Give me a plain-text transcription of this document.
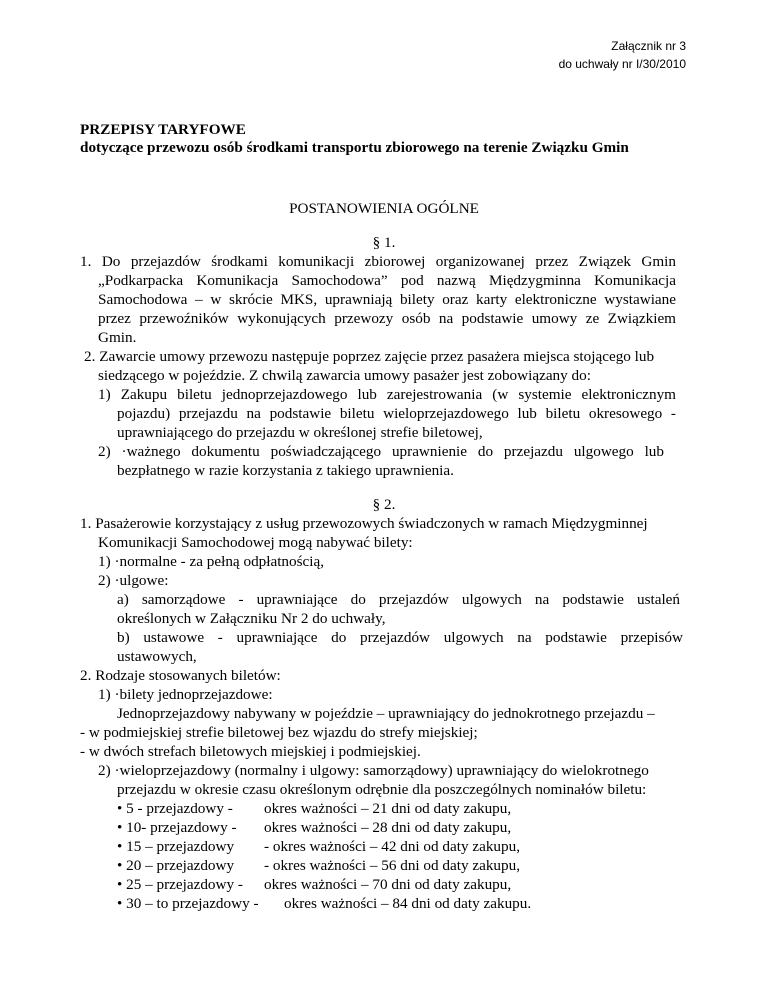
Załącznik nr 3
do uchwały nr I/30/2010
PRZEPISY TARYFOWE
dotyczące przewozu osób środkami transportu zbiorowego na terenie Związku Gmin
POSTANOWIENIA OGÓLNE
§ 1.
1. Do przejazdów środkami komunikacji zbiorowej organizowanej przez Związek Gmin
„Podkarpacka Komunikacja Samochodowa” pod nazwą Międzygminna Komunikacja
Samochodowa – w skrócie MKS, uprawniają bilety oraz karty elektroniczne wystawiane
przez przewoźników wykonujących przewozy osób na podstawie umowy ze Związkiem
Gmin.
2. Zawarcie umowy przewozu następuje poprzez zajęcie przez pasażera miejsca stojącego lub
siedzącego w pojeździe. Z chwilą zawarcia umowy pasażer jest zobowiązany do:
1) Zakupu biletu jednoprzejazdowego lub zarejestrowania (w systemie elektronicznym
pojazdu) przejazdu na podstawie biletu wieloprzejazdowego lub biletu okresowego -
uprawniającego do przejazdu w określonej strefie biletowej,
2) ·ważnego dokumentu poświadczającego uprawnienie do przejazdu ulgowego lub
bezpłatnego w razie korzystania z takiego uprawnienia.
§ 2.
1. Pasażerowie korzystający z usług przewozowych świadczonych w ramach Międzygminnej
Komunikacji Samochodowej mogą nabywać bilety:
1) ·normalne - za pełną odpłatnością,
2) ·ulgowe:
a) samorządowe - uprawniające do przejazdów ulgowych na podstawie ustaleń
określonych w Załączniku Nr 2 do uchwały,
b) ustawowe - uprawniające do przejazdów ulgowych na podstawie przepisów
ustawowych,
2. Rodzaje stosowanych biletów:
1) ·bilety jednoprzejazdowe:
Jednoprzejazdowy nabywany w pojeździe – uprawniający do jednokrotnego przejazdu –
- w podmiejskiej strefie biletowej bez wjazdu do strefy miejskiej;
- w dwóch strefach biletowych miejskiej i podmiejskiej.
2) ·wieloprzejazdowy (normalny i ulgowy: samorządowy) uprawniający do wielokrotnego
przejazdu w okresie czasu określonym odrębnie dla poszczególnych nominałów biletu:
• 5 - przejazdowy - okres ważności – 21 dni od daty zakupu,
• 10- przejazdowy - okres ważności – 28 dni od daty zakupu,
• 15 – przejazdowy - okres ważności – 42 dni od daty zakupu,
• 20 – przejazdowy - okres ważności – 56 dni od daty zakupu,
• 25 – przejazdowy - okres ważności – 70 dni od daty zakupu,
• 30 – to przejazdowy - okres ważności – 84 dni od daty zakupu.
